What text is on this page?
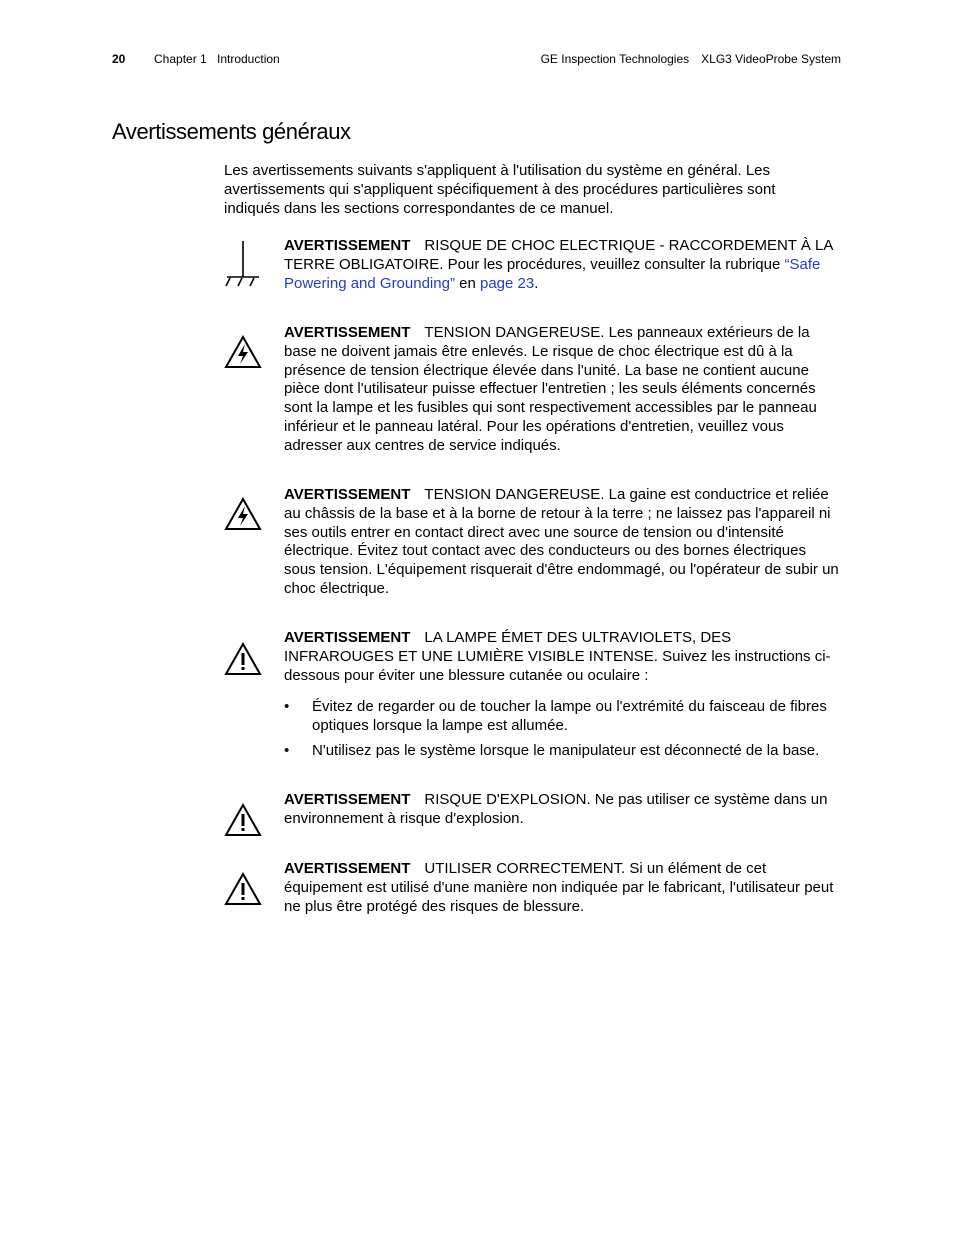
20 Chapter 1 Introduction	GE Inspection Technologies XLG3 VideoProbe System
Avertissements généraux

Les avertissements suivants s'appliquent à l'utilisation du système en général. Les avertissements qui s'appliquent spécifiquement à des procédures particulières sont indiqués dans les sections correspondantes de ce manuel.

AVERTISSEMENT RISQUE DE CHOC ELECTRIQUE - RACCORDEMENT À LA TERRE OBLIGATOIRE. Pour les procédures, veuillez consulter la rubrique “Safe Powering and Grounding” en page 23.

AVERTISSEMENT TENSION DANGEREUSE. Les panneaux extérieurs de la base ne doivent jamais être enlevés. Le risque de choc électrique est dû à la présence de tension électrique élevée dans l'unité. La base ne contient aucune pièce dont l'utilisateur puisse effectuer l'entretien ; les seuls éléments concernés sont la lampe et les fusibles qui sont respectivement accessibles par le panneau inférieur et le panneau latéral. Pour les opérations d'entretien, veuillez vous adresser aux centres de service indiqués.

AVERTISSEMENT TENSION DANGEREUSE. La gaine est conductrice et reliée au châssis de la base et à la borne de retour à la terre ; ne laissez pas l'appareil ni ses outils entrer en contact direct avec une source de tension ou d'intensité électrique. Évitez tout contact avec des conducteurs ou des bornes électriques sous tension. L'équipement risquerait d'être endommagé, ou l'opérateur de subir un choc électrique.

AVERTISSEMENT LA LAMPE ÉMET DES ULTRAVIOLETS, DES INFRAROUGES ET UNE LUMIÈRE VISIBLE INTENSE. Suivez les instructions ci-dessous pour éviter une blessure cutanée ou oculaire :

• Évitez de regarder ou de toucher la lampe ou l'extrémité du faisceau de fibres optiques lorsque la lampe est allumée.
• N'utilisez pas le système lorsque le manipulateur est déconnecté de la base.

AVERTISSEMENT RISQUE D'EXPLOSION. Ne pas utiliser ce système dans un environnement à risque d'explosion.

AVERTISSEMENT UTILISER CORRECTEMENT. Si un élément de cet équipement est utilisé d'une manière non indiquée par le fabricant, l'utilisateur peut ne plus être protégé des risques de blessure.
